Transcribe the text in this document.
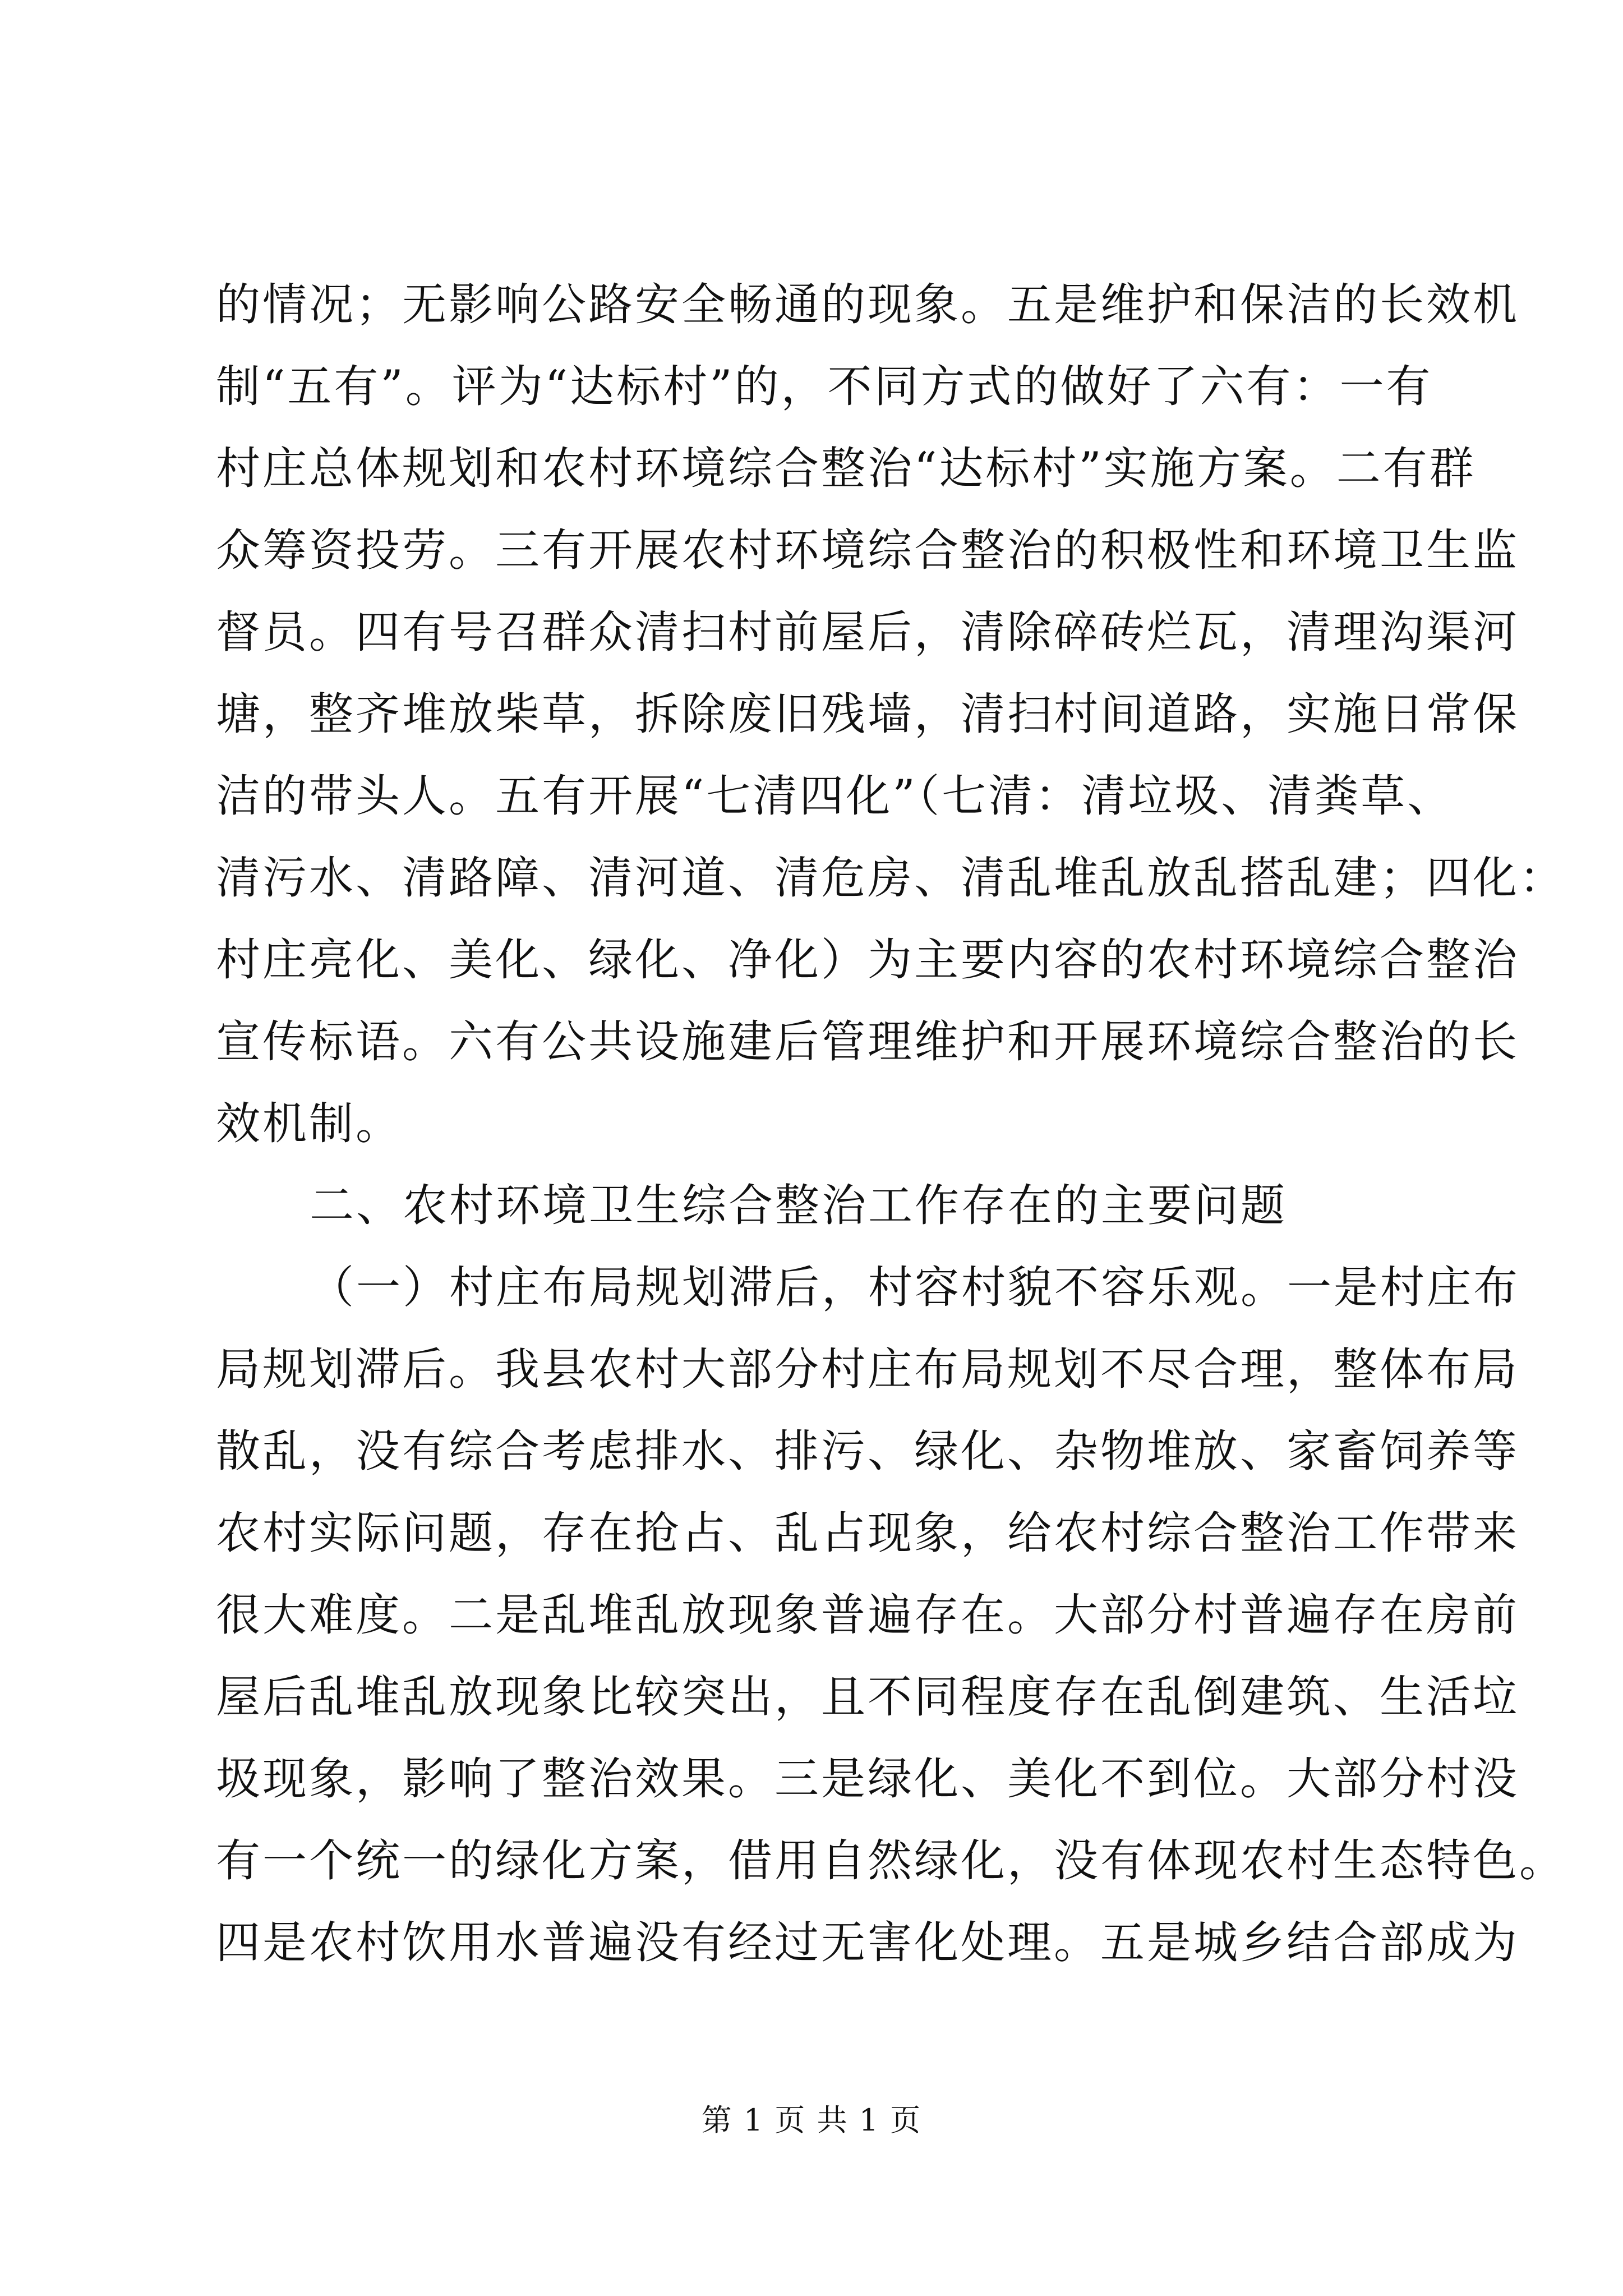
的情况；无影响公路安全畅通的现象。五是维护和保洁的长效机
制“五有”。评为“达标村”的，不同方式的做好了六有：一有
村庄总体规划和农村环境综合整治“达标村”实施方案。二有群
众筹资投劳。三有开展农村环境综合整治的积极性和环境卫生监
督员。四有号召群众清扫村前屋后，清除碎砖烂瓦，清理沟渠河
塘，整齐堆放柴草，拆除废旧残墙，清扫村间道路，实施日常保
洁的带头人。五有开展“七清四化”（七清：清垃圾、清粪草、
清污水、清路障、清河道、清危房、清乱堆乱放乱搭乱建；四化：
村庄亮化、美化、绿化、净化）为主要内容的农村环境综合整治
宣传标语。六有公共设施建后管理维护和开展环境综合整治的长
效机制。
二、农村环境卫生综合整治工作存在的主要问题
（一）村庄布局规划滞后，村容村貌不容乐观。一是村庄布
局规划滞后。我县农村大部分村庄布局规划不尽合理，整体布局
散乱，没有综合考虑排水、排污、绿化、杂物堆放、家畜饲养等
农村实际问题，存在抢占、乱占现象，给农村综合整治工作带来
很大难度。二是乱堆乱放现象普遍存在。大部分村普遍存在房前
屋后乱堆乱放现象比较突出，且不同程度存在乱倒建筑、生活垃
圾现象，影响了整治效果。三是绿化、美化不到位。大部分村没
有一个统一的绿化方案，借用自然绿化，没有体现农村生态特色。
四是农村饮用水普遍没有经过无害化处理。五是城乡结合部成为
第 1 页 共 1 页
